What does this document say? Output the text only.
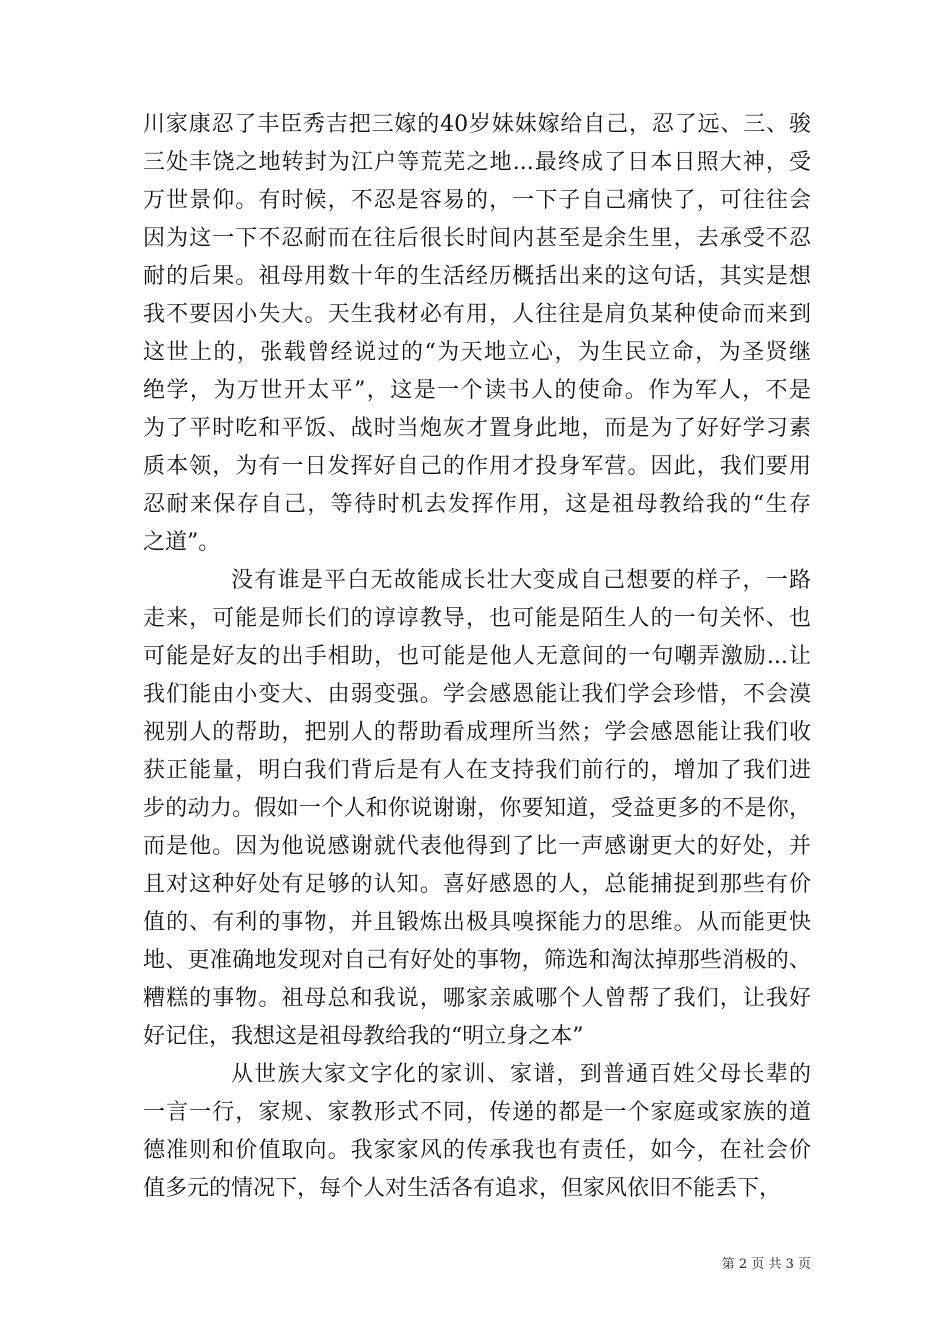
川家康忍了丰臣秀吉把三嫁的40岁妹妹嫁给自己，忍了远、三、骏
三处丰饶之地转封为江户等荒芜之地...最终成了日本日照大神，受
万世景仰。有时候，不忍是容易的，一下子自己痛快了，可往往会
因为这一下不忍耐而在往后很长时间内甚至是余生里，去承受不忍
耐的后果。祖母用数十年的生活经历概括出来的这句话，其实是想
我不要因小失大。天生我材必有用，人往往是肩负某种使命而来到
这世上的，张载曾经说过的“为天地立心，为生民立命，为圣贤继
绝学，为万世开太平”，这是一个读书人的使命。作为军人，不是
为了平时吃和平饭、战时当炮灰才置身此地，而是为了好好学习素
质本领，为有一日发挥好自己的作用才投身军营。因此，我们要用
忍耐来保存自己，等待时机去发挥作用，这是祖母教给我的“生存
之道”。
没有谁是平白无故能成长壮大变成自己想要的样子，一路
走来，可能是师长们的谆谆教导，也可能是陌生人的一句关怀、也
可能是好友的出手相助，也可能是他人无意间的一句嘲弄激励...让
我们能由小变大、由弱变强。学会感恩能让我们学会珍惜，不会漠
视别人的帮助，把别人的帮助看成理所当然；学会感恩能让我们收
获正能量，明白我们背后是有人在支持我们前行的，增加了我们进
步的动力。假如一个人和你说谢谢，你要知道，受益更多的不是你，
而是他。因为他说感谢就代表他得到了比一声感谢更大的好处，并
且对这种好处有足够的认知。喜好感恩的人，总能捕捉到那些有价
值的、有利的事物，并且锻炼出极具嗅探能力的思维。从而能更快
地、更准确地发现对自己有好处的事物，筛选和淘汰掉那些消极的、
糟糕的事物。祖母总和我说，哪家亲戚哪个人曾帮了我们，让我好
好记住，我想这是祖母教给我的“明立身之本”
从世族大家文字化的家训、家谱，到普通百姓父母长辈的
一言一行，家规、家教形式不同，传递的都是一个家庭或家族的道
德准则和价值取向。我家家风的传承我也有责任，如今，在社会价
值多元的情况下，每个人对生活各有追求，但家风依旧不能丢下，
第 2 页 共 3 页
